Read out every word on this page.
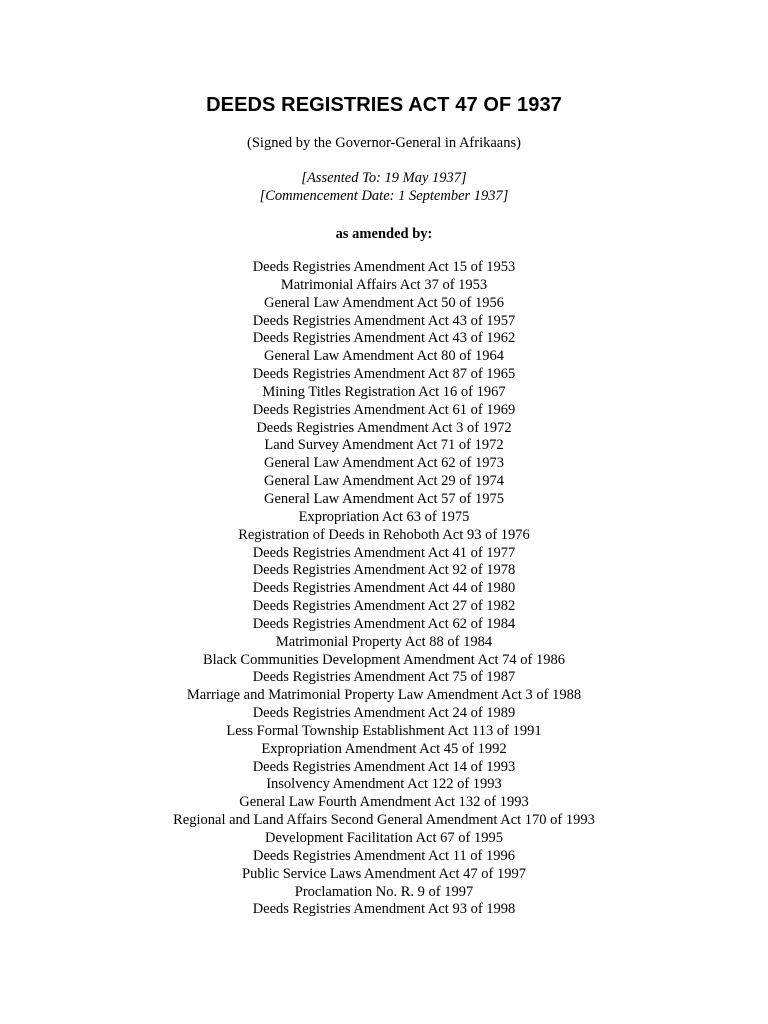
DEEDS REGISTRIES ACT 47 OF 1937
(Signed by the Governor-General in Afrikaans)
[Assented To: 19 May 1937]
[Commencement Date: 1 September 1937]
as amended by:
Deeds Registries Amendment Act 15 of 1953
Matrimonial Affairs Act 37 of 1953
General Law Amendment Act 50 of 1956
Deeds Registries Amendment Act 43 of 1957
Deeds Registries Amendment Act 43 of 1962
General Law Amendment Act 80 of 1964
Deeds Registries Amendment Act 87 of 1965
Mining Titles Registration Act 16 of 1967
Deeds Registries Amendment Act 61 of 1969
Deeds Registries Amendment Act 3 of 1972
Land Survey Amendment Act 71 of 1972
General Law Amendment Act 62 of 1973
General Law Amendment Act 29 of 1974
General Law Amendment Act 57 of 1975
Expropriation Act 63 of 1975
Registration of Deeds in Rehoboth Act 93 of 1976
Deeds Registries Amendment Act 41 of 1977
Deeds Registries Amendment Act 92 of 1978
Deeds Registries Amendment Act 44 of 1980
Deeds Registries Amendment Act 27 of 1982
Deeds Registries Amendment Act 62 of 1984
Matrimonial Property Act 88 of 1984
Black Communities Development Amendment Act 74 of 1986
Deeds Registries Amendment Act 75 of 1987
Marriage and Matrimonial Property Law Amendment Act 3 of 1988
Deeds Registries Amendment Act 24 of 1989
Less Formal Township Establishment Act 113 of 1991
Expropriation Amendment Act 45 of 1992
Deeds Registries Amendment Act 14 of 1993
Insolvency Amendment Act 122 of 1993
General Law Fourth Amendment Act 132 of 1993
Regional and Land Affairs Second General Amendment Act 170 of 1993
Development Facilitation Act 67 of 1995
Deeds Registries Amendment Act 11 of 1996
Public Service Laws Amendment Act 47 of 1997
Proclamation No. R. 9 of 1997
Deeds Registries Amendment Act 93 of 1998
